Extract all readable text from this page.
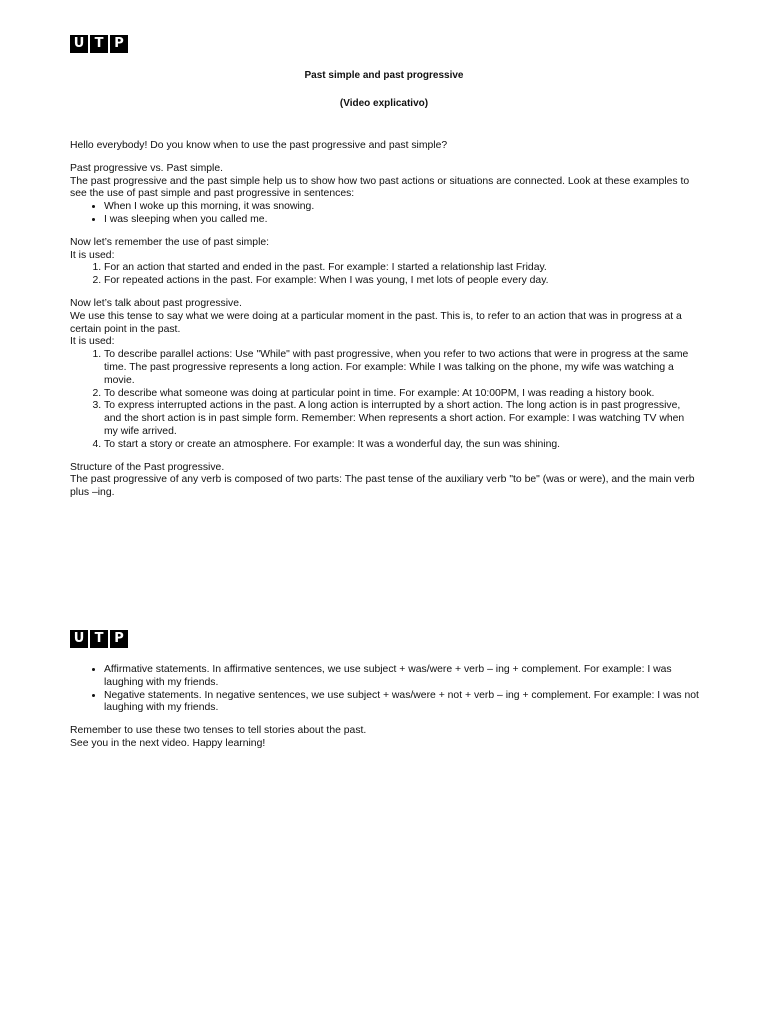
U T P
Past simple and past progressive
(Video explicativo)

Hello everybody! Do you know when to use the past progressive and past simple?

Past progressive vs. Past simple.

The past progressive and the past simple help us to show how two past actions or situations are connected. Look at these examples to see the use of past simple and past progressive in sentences:

• When I woke up this morning, it was snowing.
• I was sleeping when you called me.

Now let’s remember the use of past simple:

It is used:

1. For an action that started and ended in the past. For example: I started a relationship last Friday.
2. For repeated actions in the past. For example: When I was young, I met lots of people every day.

Now let’s talk about past progressive.

We use this tense to say what we were doing at a particular moment in the past. This is, to refer to an action that was in progress at a certain point in the past.

It is used:

1. To describe parallel actions: Use "While" with past progressive, when you refer to two actions that were in progress at the same time. The past progressive represents a long action. For example: While I was talking on the phone, my wife was watching a movie.
2. To describe what someone was doing at particular point in time. For example: At 10:00PM, I was reading a history book.
3. To express interrupted actions in the past. A long action is interrupted by a short action. The long action is in past progressive, and the short action is in past simple form. Remember: When represents a short action. For example: I was watching TV when my wife arrived.
4. To start a story or create an atmosphere. For example: It was a wonderful day, the sun was shining.

Structure of the Past progressive.

The past progressive of any verb is composed of two parts: The past tense of the auxiliary verb "to be" (was or were), and the main verb plus –ing.

U T P
• Affirmative statements. In affirmative sentences, we use subject + was/were + verb – ing + complement. For example: I was laughing with my friends.
• Negative statements. In negative sentences, we use subject + was/were + not + verb – ing + complement. For example: I was not laughing with my friends.

Remember to use these two tenses to tell stories about the past.

See you in the next video. Happy learning!
